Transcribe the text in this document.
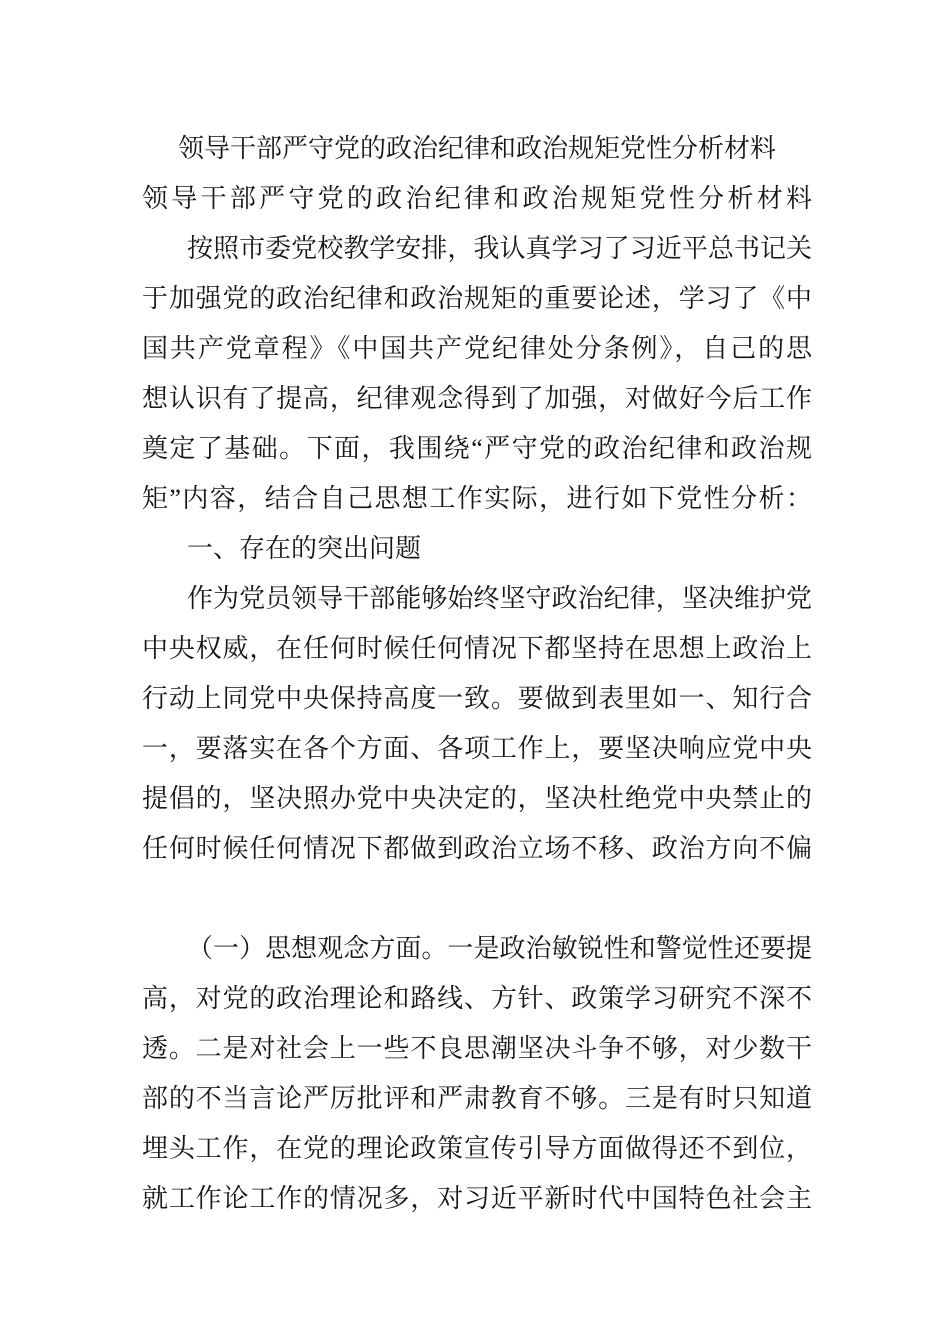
领导干部严守党的政治纪律和政治规矩党性分析材料
领导干部严守党的政治纪律和政治规矩党性分析材料
按照市委党校教学安排，我认真学习了习近平总书记关
于加强党的政治纪律和政治规矩的重要论述，学习了《中
国共产党章程》《中国共产党纪律处分条例》，自己的思
想认识有了提高，纪律观念得到了加强，对做好今后工作
奠定了基础。下面，我围绕“严守党的政治纪律和政治规
矩”内容，结合自己思想工作实际，进行如下党性分析：
一、存在的突出问题
作为党员领导干部能够始终坚守政治纪律，坚决维护党
中央权威，在任何时候任何情况下都坚持在思想上政治上
行动上同党中央保持高度一致。要做到表里如一、知行合
一，要落实在各个方面、各项工作上，要坚决响应党中央
提倡的，坚决照办党中央决定的，坚决杜绝党中央禁止的
任何时候任何情况下都做到政治立场不移、政治方向不偏
（一）思想观念方面。一是政治敏锐性和警觉性还要提
高，对党的政治理论和路线、方针、政策学习研究不深不
透。二是对社会上一些不良思潮坚决斗争不够，对少数干
部的不当言论严厉批评和严肃教育不够。三是有时只知道
埋头工作，在党的理论政策宣传引导方面做得还不到位，
就工作论工作的情况多，对习近平新时代中国特色社会主
